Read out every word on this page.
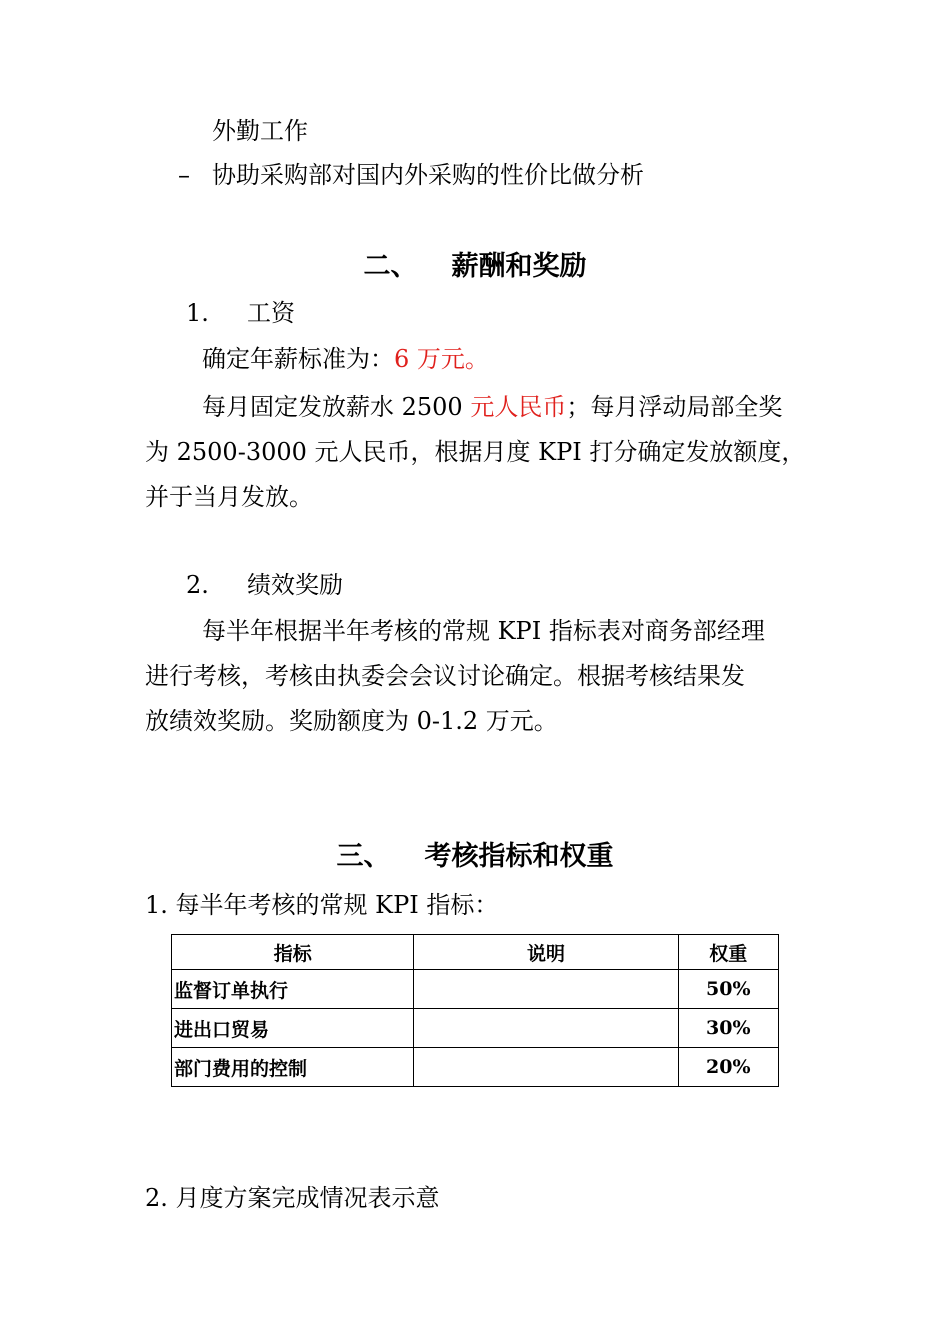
外勤工作
– 协助采购部对国内外采购的性价比做分析
二、 薪酬和奖励
1. 工资
确定年薪标准为：6 万元。
每月固定发放薪水 2500 元人民币；每月浮动局部全奖
为 2500-3000 元人民币，根据月度 KPI 打分确定发放额度，
并于当月发放。
2. 绩效奖励
每半年根据半年考核的常规 KPI 指标表对商务部经理
进行考核，考核由执委会会议讨论确定。根据考核结果发
放绩效奖励。奖励额度为 0-1.2 万元。
三、 考核指标和权重
1. 每半年考核的常规 KPI 指标：
指标	说明	权重
监督订单执行		50%
进出口贸易		30%
部门费用的控制		20%
2. 月度方案完成情况表示意
